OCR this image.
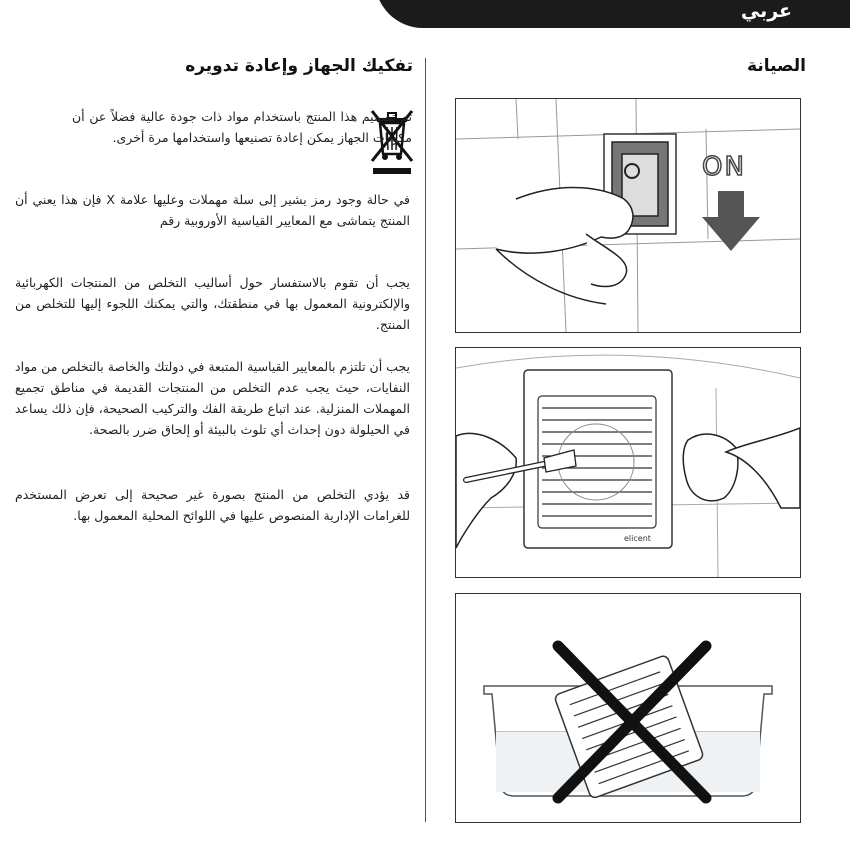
عربي
تفكيك الجهاز وإعادة تدويره	الصيانة
تم تصميم هذا المنتج باستخدام مواد ذات جودة عالية فضلاً عن أن مكونات الجهاز يمكن إعادة تصنيعها واستخدامها مرة أخرى.
في حالة وجود رمز يشير إلى سلة مهملات وعليها علامة X فإن هذا يعني أن المنتج يتماشى مع المعايير القياسية الأوروبية رقم
يجب أن تقوم بالاستفسار حول أساليب التخلص من المنتجات الكهربائية والإلكترونية المعمول بها في منطقتك، والتي يمكنك اللجوء إليها للتخلص من المنتج.
يجب أن تلتزم بالمعايير القياسية المتبعة في دولتك والخاصة بالتخلص من مواد النفايات، حيث يجب عدم التخلص من المنتجات القديمة في مناطق تجميع المهملات المنزلية. عند اتباع طريقة الفك والتركيب الصحيحة، فإن ذلك يساعد في الحيلولة دون إحداث أي تلوث بالبيئة أو إلحاق ضرر بالصحة.
قد يؤدي التخلص من المنتج بصورة غير صحيحة إلى تعرض المستخدم للغرامات الإدارية المنصوص عليها في اللوائح المحلية المعمول بها.
ON
elicent
